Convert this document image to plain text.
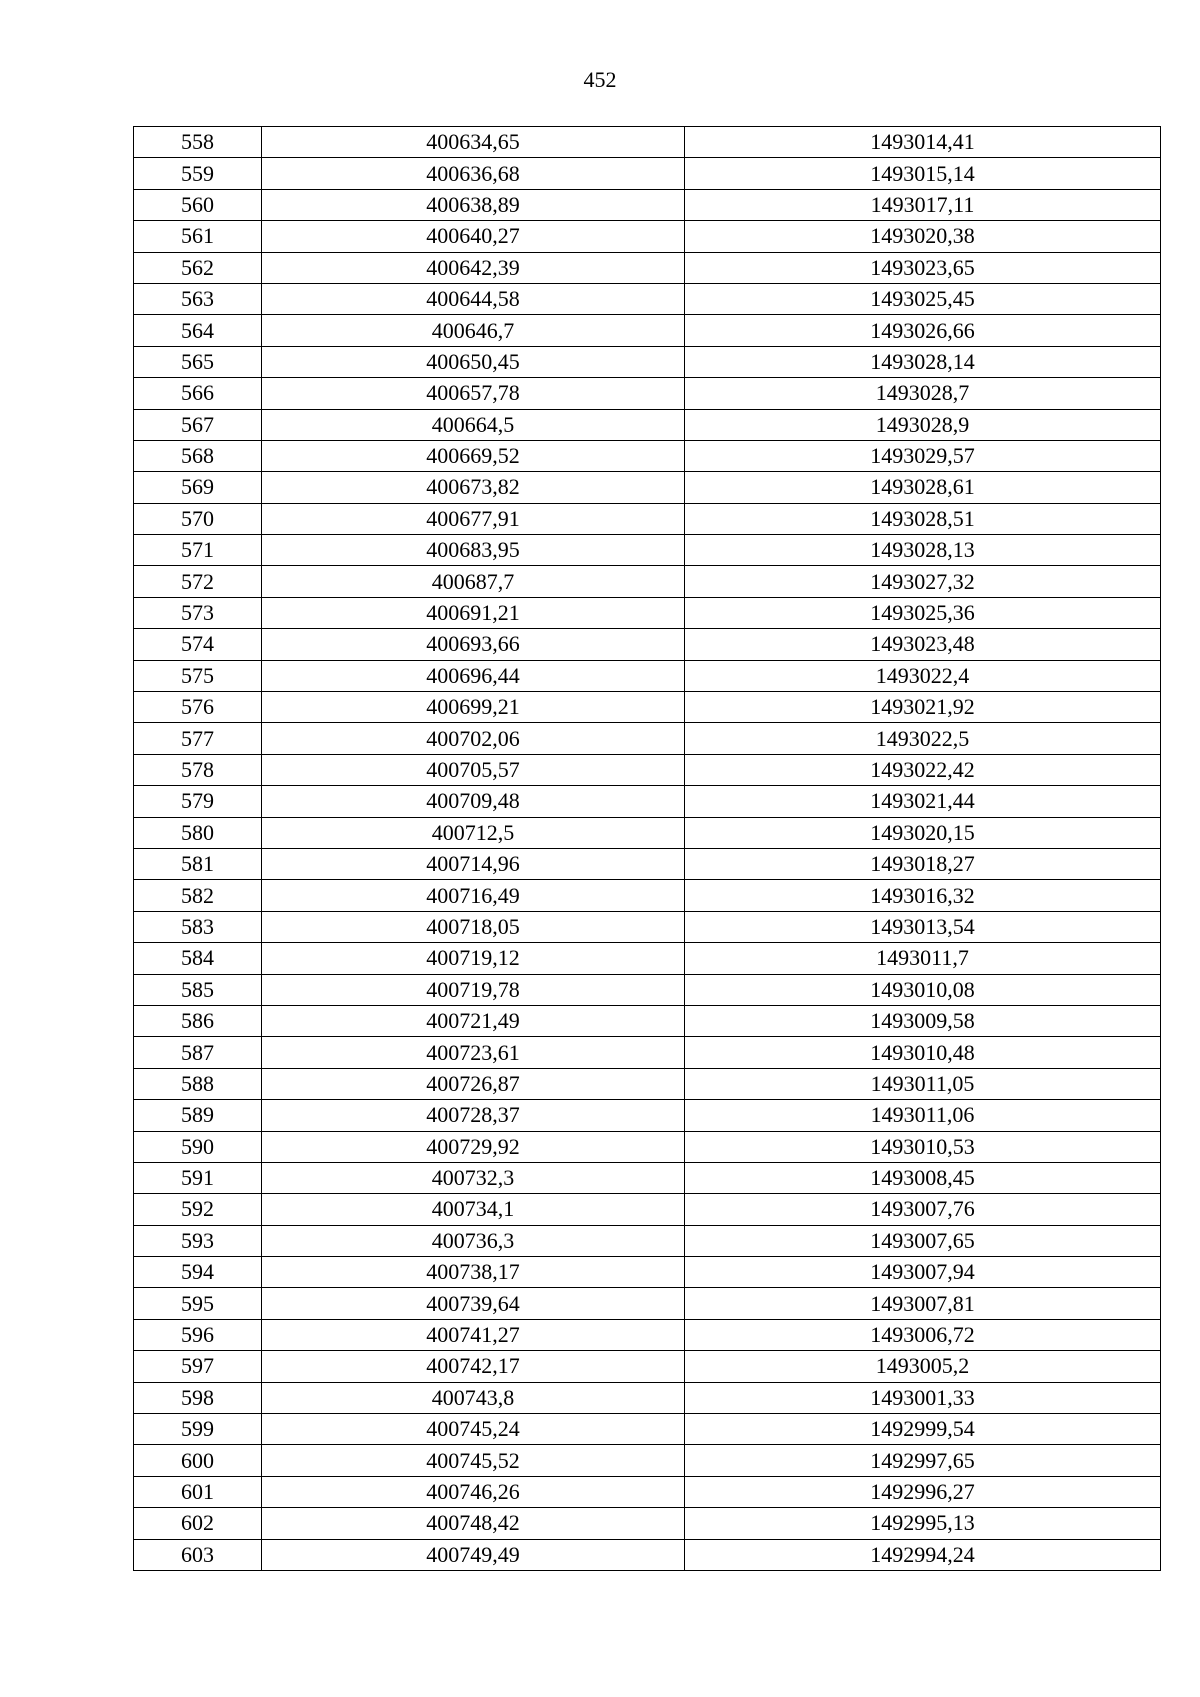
452
558	400634,65	1493014,41
559	400636,68	1493015,14
560	400638,89	1493017,11
561	400640,27	1493020,38
562	400642,39	1493023,65
563	400644,58	1493025,45
564	400646,7	1493026,66
565	400650,45	1493028,14
566	400657,78	1493028,7
567	400664,5	1493028,9
568	400669,52	1493029,57
569	400673,82	1493028,61
570	400677,91	1493028,51
571	400683,95	1493028,13
572	400687,7	1493027,32
573	400691,21	1493025,36
574	400693,66	1493023,48
575	400696,44	1493022,4
576	400699,21	1493021,92
577	400702,06	1493022,5
578	400705,57	1493022,42
579	400709,48	1493021,44
580	400712,5	1493020,15
581	400714,96	1493018,27
582	400716,49	1493016,32
583	400718,05	1493013,54
584	400719,12	1493011,7
585	400719,78	1493010,08
586	400721,49	1493009,58
587	400723,61	1493010,48
588	400726,87	1493011,05
589	400728,37	1493011,06
590	400729,92	1493010,53
591	400732,3	1493008,45
592	400734,1	1493007,76
593	400736,3	1493007,65
594	400738,17	1493007,94
595	400739,64	1493007,81
596	400741,27	1493006,72
597	400742,17	1493005,2
598	400743,8	1493001,33
599	400745,24	1492999,54
600	400745,52	1492997,65
601	400746,26	1492996,27
602	400748,42	1492995,13
603	400749,49	1492994,24
